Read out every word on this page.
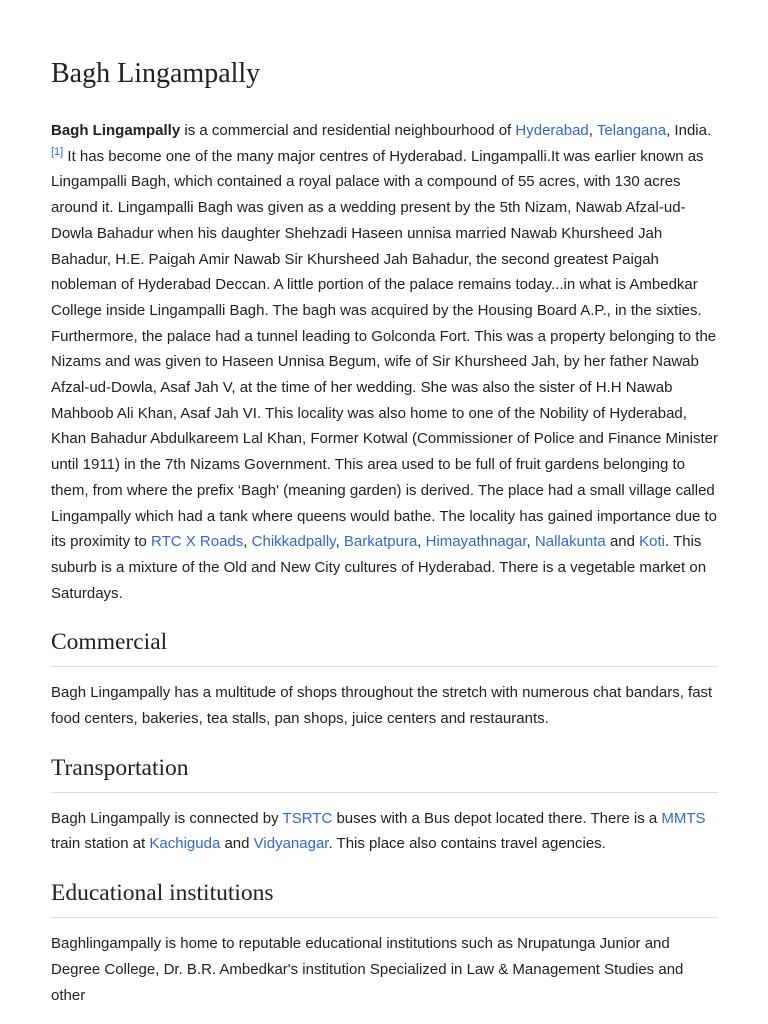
Bagh Lingampally

Bagh Lingampally is a commercial and residential neighbourhood of Hyderabad, Telangana, India.[1] It has become one of the many major centres of Hyderabad. Lingampalli.It was earlier known as Lingampalli Bagh, which contained a royal palace with a compound of 55 acres, with 130 acres around it. Lingampalli Bagh was given as a wedding present by the 5th Nizam, Nawab Afzal-ud-Dowla Bahadur when his daughter Shehzadi Haseen unnisa married Nawab Khursheed Jah Bahadur, H.E. Paigah Amir Nawab Sir Khursheed Jah Bahadur, the second greatest Paigah nobleman of Hyderabad Deccan. A little portion of the palace remains today...in what is Ambedkar College inside Lingampalli Bagh. The bagh was acquired by the Housing Board A.P., in the sixties. Furthermore, the palace had a tunnel leading to Golconda Fort. This was a property belonging to the Nizams and was given to Haseen Unnisa Begum, wife of Sir Khursheed Jah, by her father Nawab Afzal-ud-Dowla, Asaf Jah V, at the time of her wedding. She was also the sister of H.H Nawab Mahboob Ali Khan, Asaf Jah VI. This locality was also home to one of the Nobility of Hyderabad, Khan Bahadur Abdulkareem Lal Khan, Former Kotwal (Commissioner of Police and Finance Minister until 1911) in the 7th Nizams Government. This area used to be full of fruit gardens belonging to them, from where the prefix ‘Bagh' (meaning garden) is derived. The place had a small village called Lingampally which had a tank where queens would bathe. The locality has gained importance due to its proximity to RTC X Roads, Chikkadpally, Barkatpura, Himayathnagar, Nallakunta and Koti. This suburb is a mixture of the Old and New City cultures of Hyderabad. There is a vegetable market on Saturdays.

Commercial

Bagh Lingampally has a multitude of shops throughout the stretch with numerous chat bandars, fast food centers, bakeries, tea stalls, pan shops, juice centers and restaurants.

Transportation

Bagh Lingampally is connected by TSRTC buses with a Bus depot located there. There is a MMTS train station at Kachiguda and Vidyanagar. This place also contains travel agencies.

Educational institutions

Baghlingampally is home to reputable educational institutions such as Nrupatunga Junior and Degree College, Dr. B.R. Ambedkar's institution Specialized in Law & Management Studies and other
